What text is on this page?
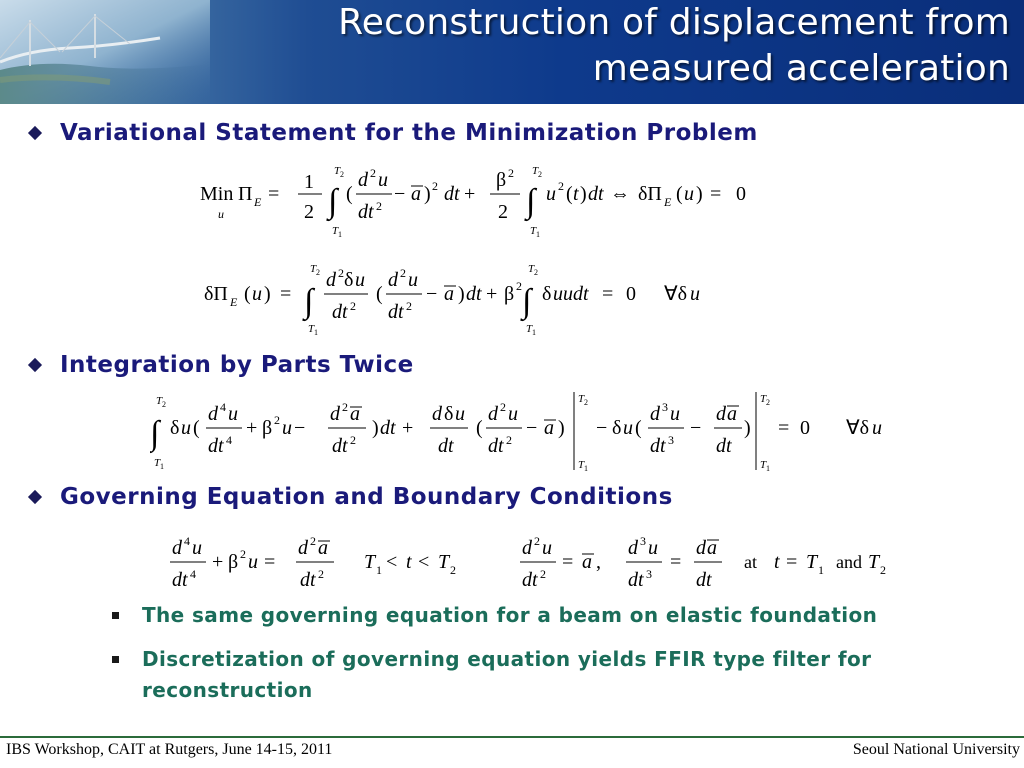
Reconstruction of displacement from
measured acceleration
Variational Statement for the Minimization Problem
Min
u
Π E =
1
2
T 2
∫
T 1
(
d 2 u
dt 2
− a ) 2 dt +
β 2
2
T 2
∫
T 1
u 2 ( t ) dt ⇔ δΠ E ( u ) = 0
δΠ E ( u ) =
T 2
∫
T 1
d 2 δ u
dt 2
(
d 2 u
dt 2
− a ) dt + β 2
T 2
∫
T 1
δ uudt = 0 ∀δ u
Integration by Parts Twice
T 2
∫
T 1
δ u (
d 4 u
dt 4
+ β 2 u −
d 2 a
dt 2
) dt +
d δ u
dt
(
d 2 u
dt 2
− a )
T 2
T 1
− δ u (
d 3 u
dt 3
−
d a
dt
)
T 2
T 1
= 0 ∀δ u
Governing Equation and Boundary Conditions
d 4 u
dt 4
+ β 2 u =
d 2 a
dt 2
T 1 < t < T 2
d 2 u
dt 2
= a ,
d 3 u
dt 3
=
d a
dt
at t = T 1 and T 2
The same governing equation for a beam on elastic foundation
Discretization of governing equation yields FFIR type filter for
reconstruction
IBS Workshop, CAIT at Rutgers, June 14-15, 2011	Seoul National University
